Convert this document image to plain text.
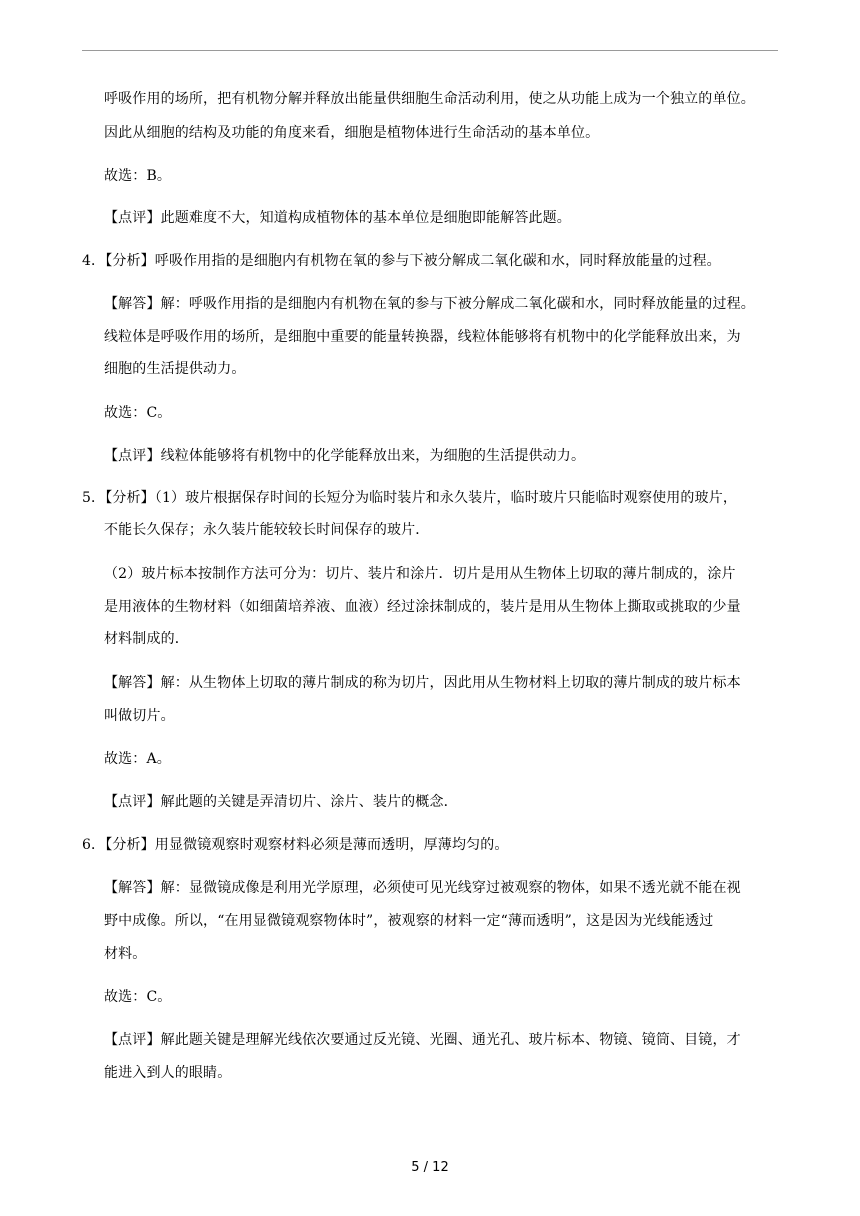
呼吸作用的场所，把有机物分解并释放出能量供细胞生命活动利用，使之从功能上成为一个独立的单位。
因此从细胞的结构及功能的角度来看，细胞是植物体进行生命活动的基本单位。
故选：B。
【点评】此题难度不大，知道构成植物体的基本单位是细胞即能解答此题。
4．【分析】呼吸作用指的是细胞内有机物在氧的参与下被分解成二氧化碳和水，同时释放能量的过程。
【解答】解：呼吸作用指的是细胞内有机物在氧的参与下被分解成二氧化碳和水，同时释放能量的过程。
线粒体是呼吸作用的场所，是细胞中重要的能量转换器，线粒体能够将有机物中的化学能释放出来，为
细胞的生活提供动力。
故选：C。
【点评】线粒体能够将有机物中的化学能释放出来，为细胞的生活提供动力。
5．【分析】（1）玻片根据保存时间的长短分为临时装片和永久装片，临时玻片只能临时观察使用的玻片，
不能长久保存；永久装片能较较长时间保存的玻片．
（2）玻片标本按制作方法可分为：切片、装片和涂片．切片是用从生物体上切取的薄片制成的，涂片
是用液体的生物材料（如细菌培养液、血液）经过涂抹制成的，装片是用从生物体上撕取或挑取的少量
材料制成的．
【解答】解：从生物体上切取的薄片制成的称为切片，因此用从生物材料上切取的薄片制成的玻片标本
叫做切片。
故选：A。
【点评】解此题的关键是弄清切片、涂片、装片的概念．
6．【分析】用显微镜观察时观察材料必须是薄而透明，厚薄均匀的。
【解答】解：显微镜成像是利用光学原理，必须使可见光线穿过被观察的物体，如果不透光就不能在视
野中成像。所以，“在用显微镜观察物体时”，被观察的材料一定“薄而透明”，这是因为光线能透过
材料。
故选：C。
【点评】解此题关键是理解光线依次要通过反光镜、光圈、通光孔、玻片标本、物镜、镜筒、目镜，才
能进入到人的眼睛。
5 / 12
